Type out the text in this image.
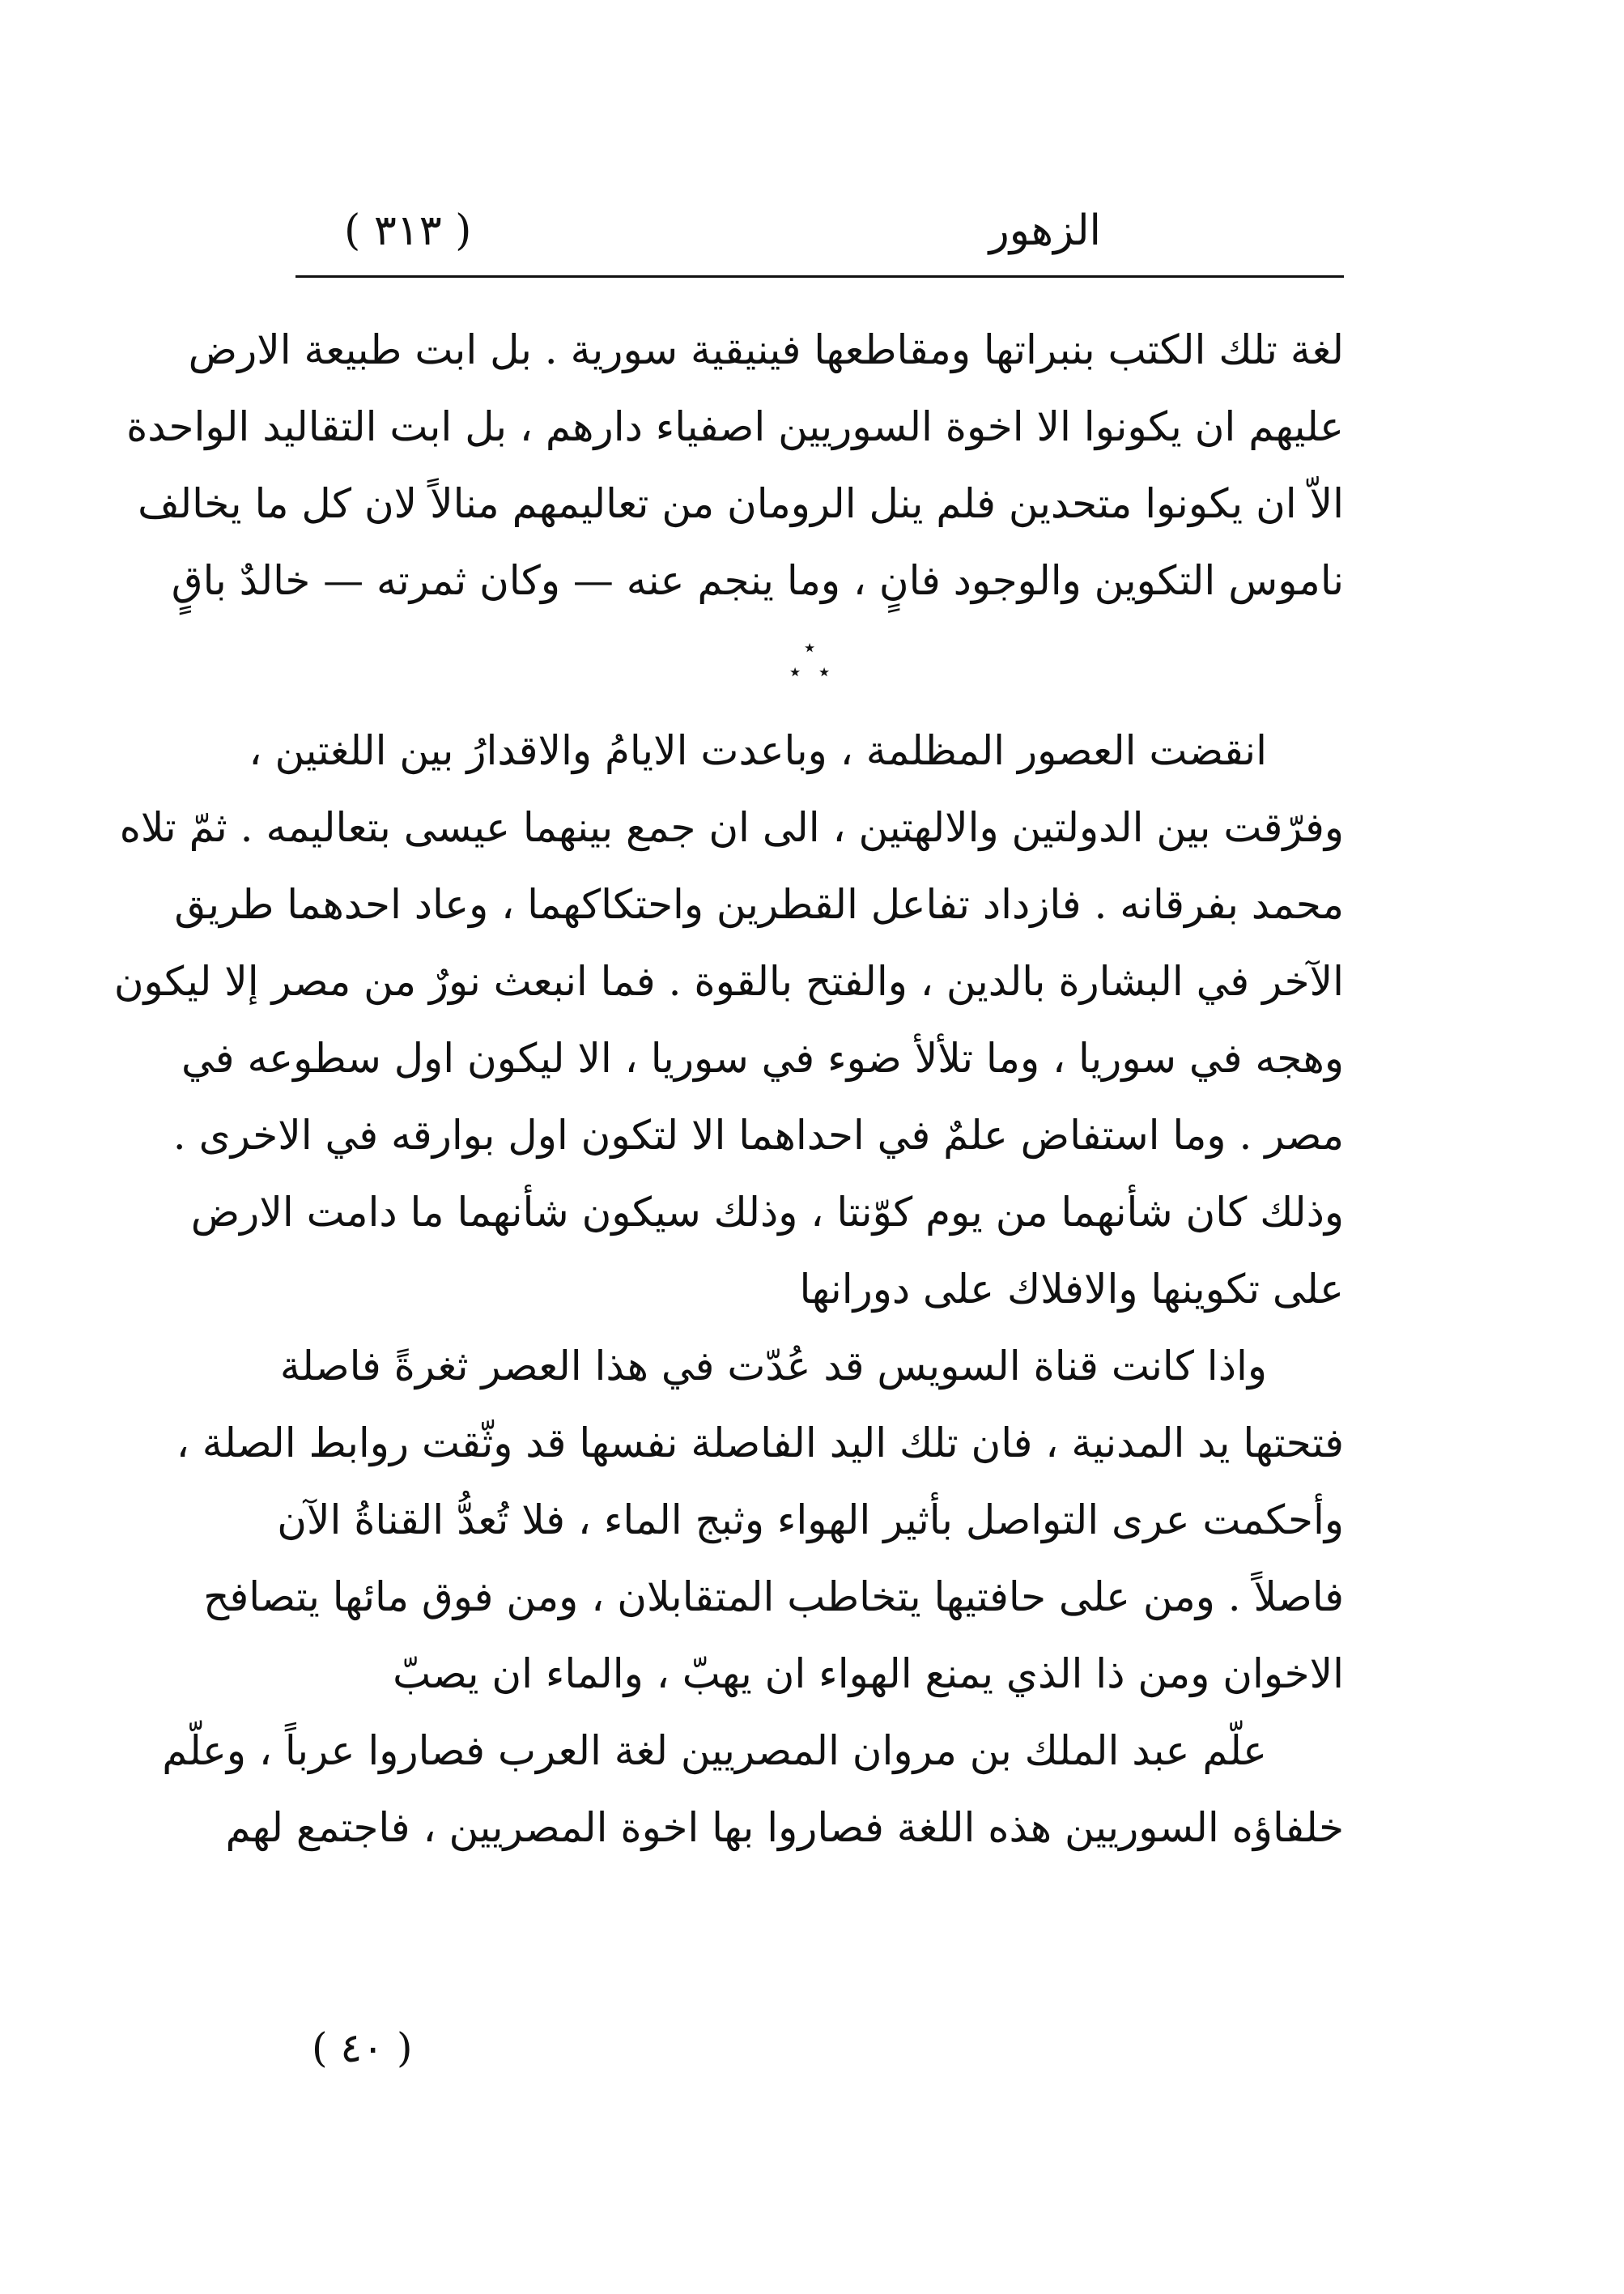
الزهور
( ٣١٣ )
لغة تلك الكتب بنبراتها ومقاطعها فينيقية سورية . بل ابت طبيعة الارض
عليهم ان يكونوا الا اخوة السوريين اصفياء دارهم ، بل ابت التقاليد الواحدة
الاّ ان يكونوا متحدين فلم ينل الرومان من تعاليمهم منالاً لان كل ما يخالف
ناموس التكوين والوجود فانٍ ، وما ينجم عنه — وكان ثمرته — خالدٌ باقٍ
٭
٭ ٭
انقضت العصور المظلمة ، وباعدت الايامُ والاقدارُ بين اللغتين ،
وفرّقت بين الدولتين والالهتين ، الى ان جمع بينهما عيسى بتعاليمه . ثمّ تلاه
محمد بفرقانه . فازداد تفاعل القطرين واحتكاكهما ، وعاد احدهما طريق
الآخر في البشارة بالدين ، والفتح بالقوة . فما انبعث نورٌ من مصر إلا ليكون
وهجه في سوريا ، وما تلألأ ضوء في سوريا ، الا ليكون اول سطوعه في
مصر . وما استفاض علمٌ في احداهما الا لتكون اول بوارقه في الاخرى .
وذلك كان شأنهما من يوم كوّنتا ، وذلك سيكون شأنهما ما دامت الارض
على تكوينها والافلاك على دورانها
واذا كانت قناة السويس قد عُدّت في هذا العصر ثغرةً فاصلة
فتحتها يد المدنية ، فان تلك اليد الفاصلة نفسها قد وثّقت روابط الصلة ،
وأحكمت عرى التواصل بأثير الهواء وثبج الماء ، فلا تُعدُّ القناةُ الآن
فاصلاً . ومن على حافتيها يتخاطب المتقابلان ، ومن فوق مائها يتصافح
الاخوان ومن ذا الذي يمنع الهواء ان يهبّ ، والماء ان يصبّ
علّم عبد الملك بن مروان المصريين لغة العرب فصاروا عرباً ، وعلّم
خلفاؤه السوريين هذه اللغة فصاروا بها اخوة المصريين ، فاجتمع لهم
( ٤٠ )
